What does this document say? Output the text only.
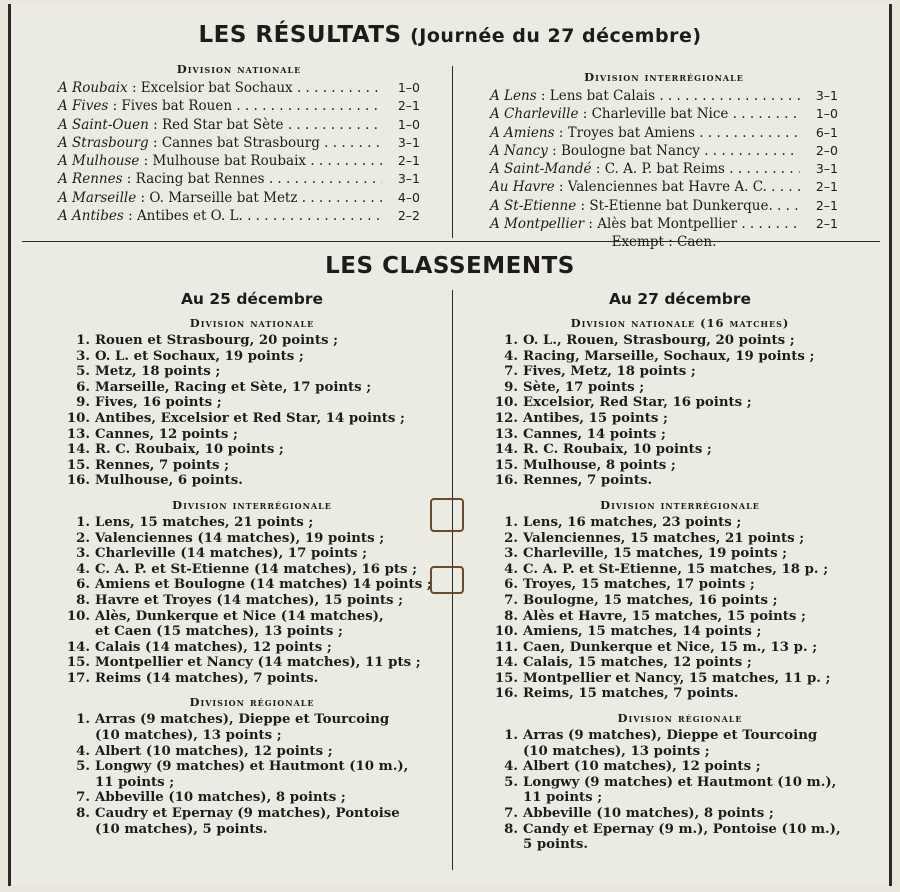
LES RÉSULTATS (Journée du 27 décembre)
Division nationale
A Roubaix : Excelsior bat Sochaux . . .	1–0
A Fives : Fives bat Rouen . . .	2–1
A Saint-Ouen : Red Star bat Sète . . .	1–0
A Strasbourg : Cannes bat Strasbourg . . .	3–1
A Mulhouse : Mulhouse bat Roubaix . . .	2–1
A Rennes : Racing bat Rennes . . .	3–1
A Marseille : O. Marseille bat Metz . . .	4–0
A Antibes : Antibes et O. L. . . .	2–2
Division interrégionale
A Lens : Lens bat Calais . . .	3–1
A Charleville : Charleville bat Nice . . .	1–0
A Amiens : Troyes bat Amiens . . .	6–1
A Nancy : Boulogne bat Nancy . . .	2–0
A Saint-Mandé : C. A. P. bat Reims . . .	3–1
Au Havre : Valenciennes bat Havre A. C. . . .	2–1
A St-Etienne : St-Etienne bat Dunkerque. . . .	2–1
A Montpellier : Alès bat Montpellier . . .	2–1
Exempt : Caen.
LES CLASSEMENTS
Au 25 décembre
Division nationale
1. Rouen et Strasbourg, 20 points ;
3. O. L. et Sochaux, 19 points ;
5. Metz, 18 points ;
6. Marseille, Racing et Sète, 17 points ;
9. Fives, 16 points ;
10. Antibes, Excelsior et Red Star, 14 points ;
13. Cannes, 12 points ;
14. R. C. Roubaix, 10 points ;
15. Rennes, 7 points ;
16. Mulhouse, 6 points.
Division interrégionale
1. Lens, 15 matches, 21 points ;
2. Valenciennes (14 matches), 19 points ;
3. Charleville (14 matches), 17 points ;
4. C. A. P. et St-Etienne (14 matches), 16 pts ;
6. Amiens et Boulogne (14 matches) 14 points ;
8. Havre et Troyes (14 matches), 15 points ;
10. Alès, Dunkerque et Nice (14 matches),
et Caen (15 matches), 13 points ;
14. Calais (14 matches), 12 points ;
15. Montpellier et Nancy (14 matches), 11 pts ;
17. Reims (14 matches), 7 points.
Division régionale
1. Arras (9 matches), Dieppe et Tourcoing
(10 matches), 13 points ;
4. Albert (10 matches), 12 points ;
5. Longwy (9 matches) et Hautmont (10 m.),
11 points ;
7. Abbeville (10 matches), 8 points ;
8. Caudry et Epernay (9 matches), Pontoise
(10 matches), 5 points.
Au 27 décembre
Division nationale (16 matches)
1. O. L., Rouen, Strasbourg, 20 points ;
4. Racing, Marseille, Sochaux, 19 points ;
7. Fives, Metz, 18 points ;
9. Sète, 17 points ;
10. Excelsior, Red Star, 16 points ;
12. Antibes, 15 points ;
13. Cannes, 14 points ;
14. R. C. Roubaix, 10 points ;
15. Mulhouse, 8 points ;
16. Rennes, 7 points.
Division interrégionale
1. Lens, 16 matches, 23 points ;
2. Valenciennes, 15 matches, 21 points ;
3. Charleville, 15 matches, 19 points ;
4. C. A. P. et St-Etienne, 15 matches, 18 p. ;
6. Troyes, 15 matches, 17 points ;
7. Boulogne, 15 matches, 16 points ;
8. Alès et Havre, 15 matches, 15 points ;
10. Amiens, 15 matches, 14 points ;
11. Caen, Dunkerque et Nice, 15 m., 13 p. ;
14. Calais, 15 matches, 12 points ;
15. Montpellier et Nancy, 15 matches, 11 p. ;
16. Reims, 15 matches, 7 points.
Division régionale
1. Arras (9 matches), Dieppe et Tourcoing
(10 matches), 13 points ;
4. Albert (10 matches), 12 points ;
5. Longwy (9 matches) et Hautmont (10 m.),
11 points ;
7. Abbeville (10 matches), 8 points ;
8. Candy et Epernay (9 m.), Pontoise (10 m.),
5 points.
